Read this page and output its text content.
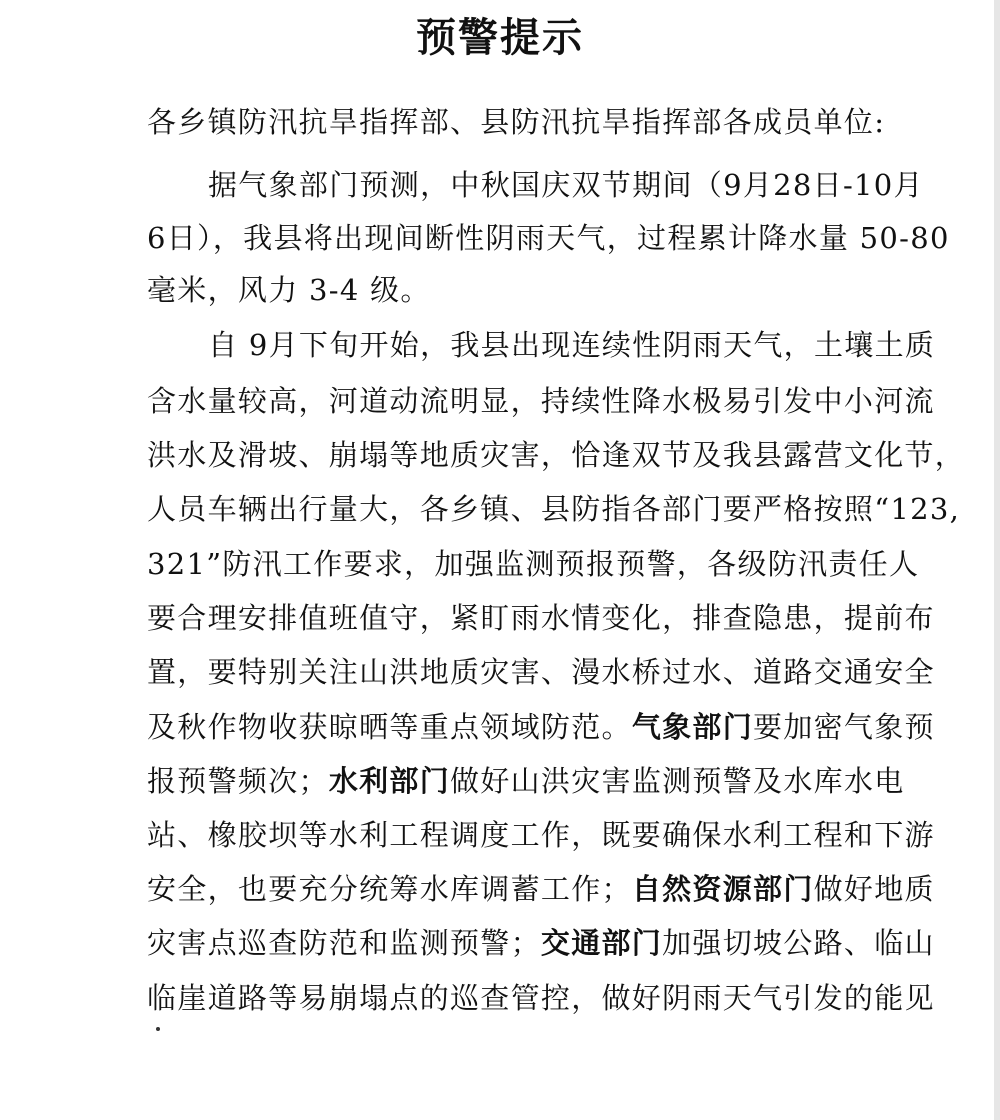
预警提示
各乡镇防汛抗旱指挥部、县防汛抗旱指挥部各成员单位:
据气象部门预测，中秋国庆双节期间（9月28日-10月
6日），我县将出现间断性阴雨天气，过程累计降水量 50-80
毫米，风力 3-4 级。
自 9月下旬开始，我县出现连续性阴雨天气，土壤土质
含水量较高，河道动流明显，持续性降水极易引发中小河流
洪水及滑坡、崩塌等地质灾害，恰逢双节及我县露营文化节，
人员车辆出行量大，各乡镇、县防指各部门要严格按照“123,
321”防汛工作要求，加强监测预报预警，各级防汛责任人
要合理安排值班值守，紧盯雨水情变化，排查隐患，提前布
置，要特别关注山洪地质灾害、漫水桥过水、道路交通安全
及秋作物收获晾晒等重点领域防范。气象部门要加密气象预
报预警频次；水利部门做好山洪灾害监测预警及水库水电
站、橡胶坝等水利工程调度工作，既要确保水利工程和下游
安全，也要充分统筹水库调蓄工作；自然资源部门做好地质
灾害点巡查防范和监测预警；交通部门加强切坡公路、临山
临崖道路等易崩塌点的巡查管控，做好阴雨天气引发的能见
